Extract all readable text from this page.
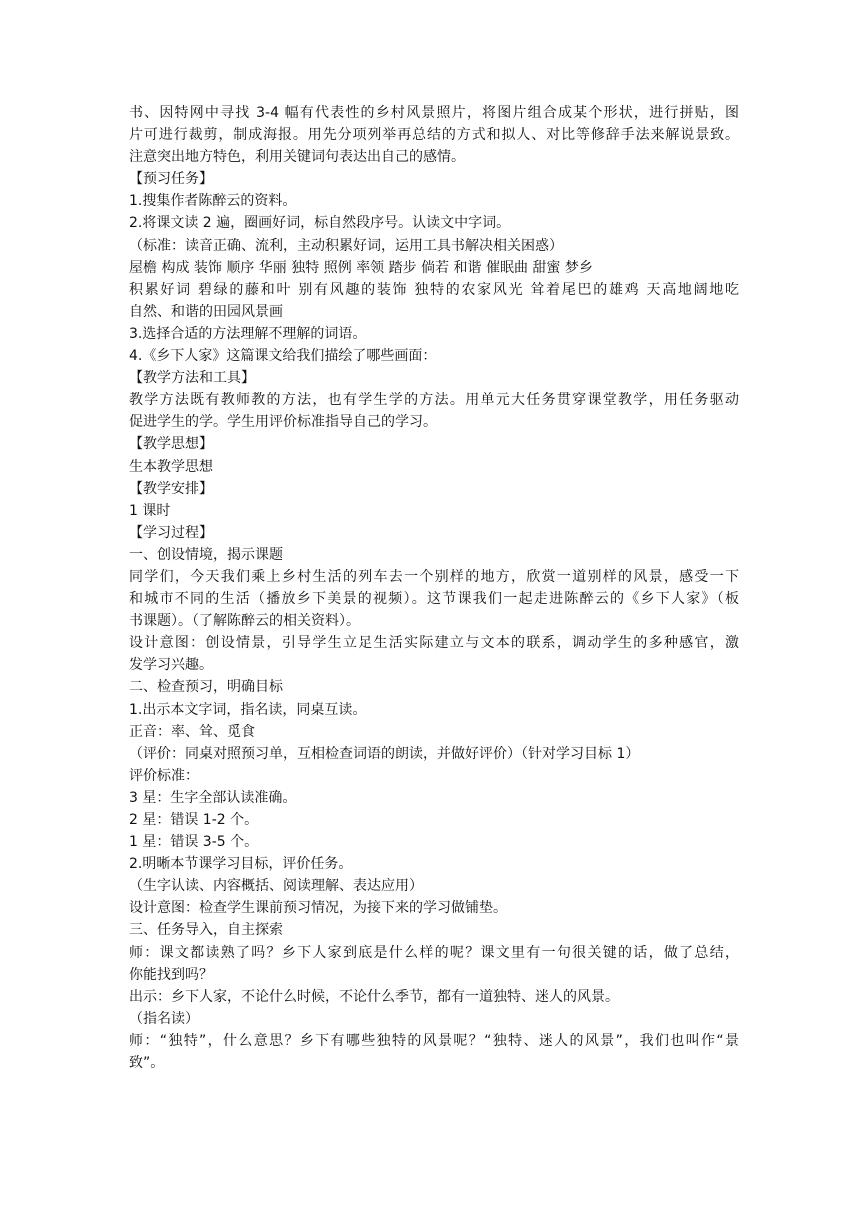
书、因特网中寻找 3-4 幅有代表性的乡村风景照片，将图片组合成某个形状，进行拼贴，图
片可进行裁剪，制成海报。用先分项列举再总结的方式和拟人、对比等修辞手法来解说景致。
注意突出地方特色，利用关键词句表达出自己的感情。
【预习任务】
1.搜集作者陈醉云的资料。
2.将课文读 2 遍，圈画好词，标自然段序号。认读文中字词。
（标准：读音正确、流利，主动积累好词，运用工具书解决相关困惑）
屋檐 构成 装饰 顺序 华丽 独特 照例 率领 踏步 倘若 和谐 催眠曲 甜蜜 梦乡
积累好词 碧绿的藤和叶 别有风趣的装饰 独特的农家风光 耸着尾巴的雄鸡 天高地阔地吃
自然、和谐的田园风景画
3.选择合适的方法理解不理解的词语。
4.《乡下人家》这篇课文给我们描绘了哪些画面：
【教学方法和工具】
教学方法既有教师教的方法，也有学生学的方法。用单元大任务贯穿课堂教学，用任务驱动
促进学生的学。学生用评价标准指导自己的学习。
【教学思想】
生本教学思想
【教学安排】
1 课时
【学习过程】
一、创设情境，揭示课题
同学们，今天我们乘上乡村生活的列车去一个别样的地方，欣赏一道别样的风景，感受一下
和城市不同的生活（播放乡下美景的视频）。这节课我们一起走进陈醉云的《乡下人家》（板
书课题）。（了解陈醉云的相关资料）。
设计意图：创设情景，引导学生立足生活实际建立与文本的联系，调动学生的多种感官，激
发学习兴趣。
二、检查预习，明确目标
1.出示本文字词，指名读，同桌互读。
正音：率、耸、觅食
（评价：同桌对照预习单，互相检查词语的朗读，并做好评价）（针对学习目标 1）
评价标准：
3 星：生字全部认读准确。
2 星：错误 1-2 个。
1 星：错误 3-5 个。
2.明晰本节课学习目标，评价任务。
（生字认读、内容概括、阅读理解、表达应用）
设计意图：检查学生课前预习情况，为接下来的学习做铺垫。
三、任务导入，自主探索
师：课文都读熟了吗？乡下人家到底是什么样的呢？课文里有一句很关键的话，做了总结，
你能找到吗？
出示：乡下人家，不论什么时候，不论什么季节，都有一道独特、迷人的风景。
（指名读）
师：“独特”，什么意思？乡下有哪些独特的风景呢？“独特、迷人的风景”，我们也叫作“景
致”。
